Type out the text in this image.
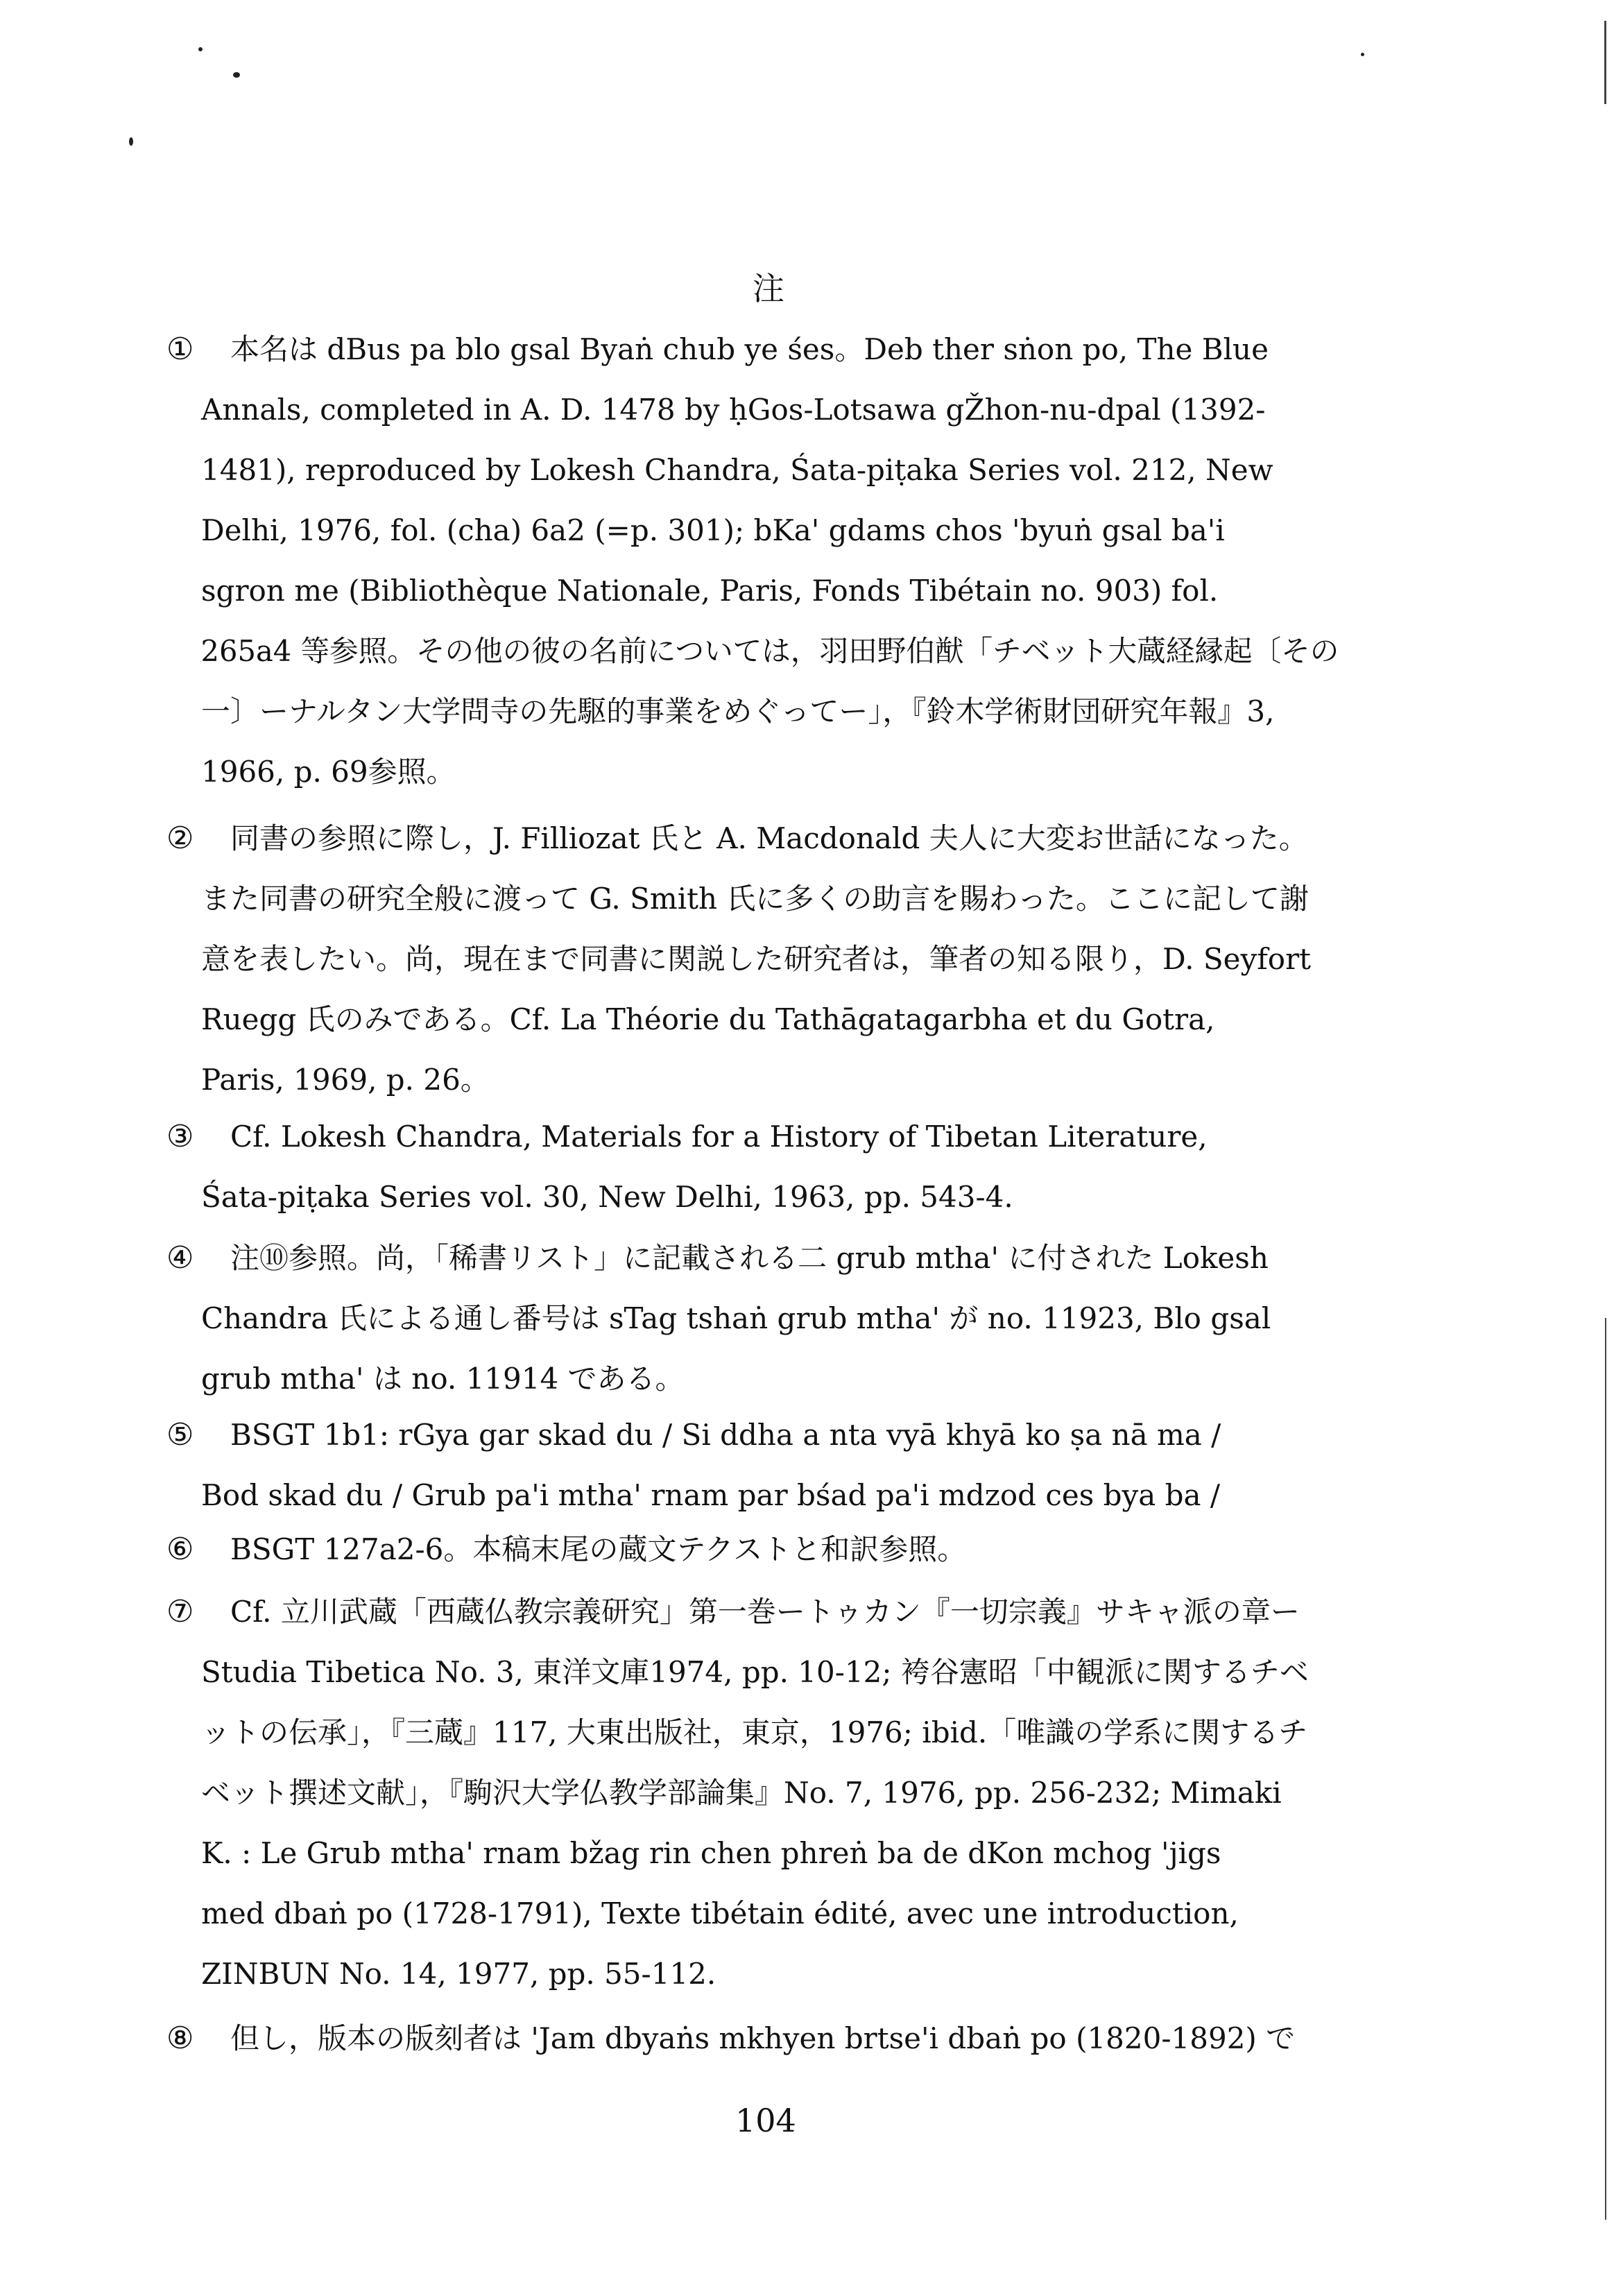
注
①	本名は dBus pa blo gsal Byaṅ chub ye śes。Deb ther sṅon po, The Blue
Annals, completed in A. D. 1478 by ḥGos-Lotsawa gŽhon-nu-dpal (1392-
1481), reproduced by Lokesh Chandra, Śata-piṭaka Series vol. 212, New
Delhi, 1976, fol. (cha) 6a2 (=p. 301); bKa' gdams chos 'byuṅ gsal ba'i
sgron me (Bibliothèque Nationale, Paris, Fonds Tibétain no. 903) fol.
265a4 等参照。その他の彼の名前については，羽田野伯猷「チベット大蔵経縁起〔その
一〕ーナルタン大学問寺の先駆的事業をめぐってー」，『鈴木学術財団研究年報』3,
1966, p. 69参照。
②	同書の参照に際し，J. Filliozat 氏と A. Macdonald 夫人に大変お世話になった。
また同書の研究全般に渡って G. Smith 氏に多くの助言を賜わった。ここに記して謝
意を表したい。尚，現在まで同書に関説した研究者は，筆者の知る限り，D. Seyfort
Ruegg 氏のみである。Cf. La Théorie du Tathāgatagarbha et du Gotra,
Paris, 1969, p. 26。
③	Cf. Lokesh Chandra, Materials for a History of Tibetan Literature,
Śata-piṭaka Series vol. 30, New Delhi, 1963, pp. 543-4.
④	注⑩参照。尚，「稀書リスト」に記載される二 grub mtha' に付された Lokesh
Chandra 氏による通し番号は sTag tshaṅ grub mtha' が no. 11923, Blo gsal
grub mtha' は no. 11914 である。
⑤	BSGT 1b1: rGya gar skad du / Si ddha a nta vyā khyā ko ṣa nā ma /
Bod skad du / Grub pa'i mtha' rnam par bśad pa'i mdzod ces bya ba /
⑥	BSGT 127a2-6。本稿末尾の蔵文テクストと和訳参照。
⑦	Cf. 立川武蔵「西蔵仏教宗義研究」第一巻ートゥカン『一切宗義』サキャ派の章ー
Studia Tibetica No. 3, 東洋文庫1974, pp. 10-12; 袴谷憲昭「中観派に関するチベ
ットの伝承」，『三蔵』117, 大東出版社，東京，1976; ibid.「唯識の学系に関するチ
ベット撰述文献」，『駒沢大学仏教学部論集』No. 7, 1976, pp. 256-232; Mimaki
K. : Le Grub mtha' rnam bžag rin chen phreṅ ba de dKon mchog 'jigs
med dbaṅ po (1728-1791), Texte tibétain édité, avec une introduction,
ZINBUN No. 14, 1977, pp. 55-112.
⑧	但し，版本の版刻者は 'Jam dbyaṅs mkhyen brtse'i dbaṅ po (1820-1892) で
104
